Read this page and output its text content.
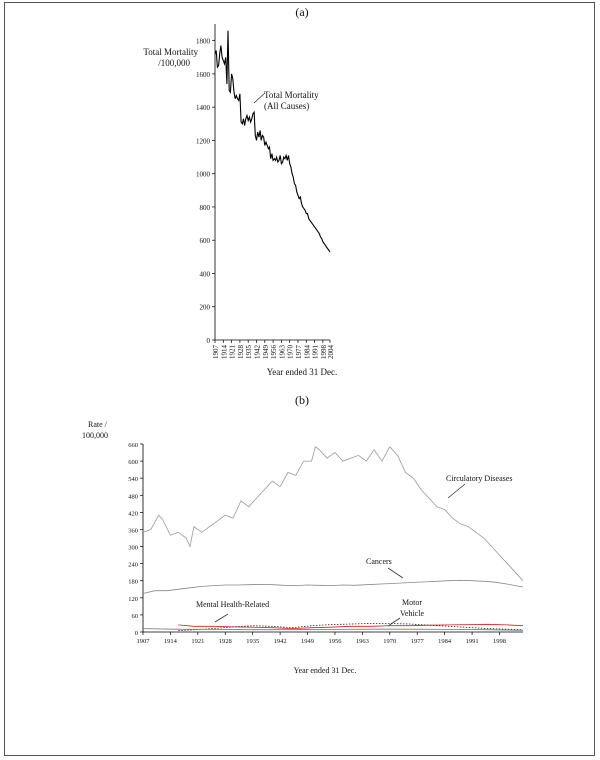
(a)
Total Mortality
/100,000
Total Mortality
(All Causes)
Year ended 31 Dec.
0
200
400
600
800
1000
1200
1400
1600
1800
1907 1914 1921 1928 1935 1942 1949 1956 1963 1970 1977 1984 1991 1998 2004
(b)
Rate /
100,000
Circulatory Diseases
Cancers
Mental Health-Related	Motor
Vehicle
Year ended 31 Dec.
0
60
120
180
240
300
360
420
480
540
600
660
1907 1914 1921 1928 1935 1942 1949 1956 1963 1970 1977 1984 1991 1998
